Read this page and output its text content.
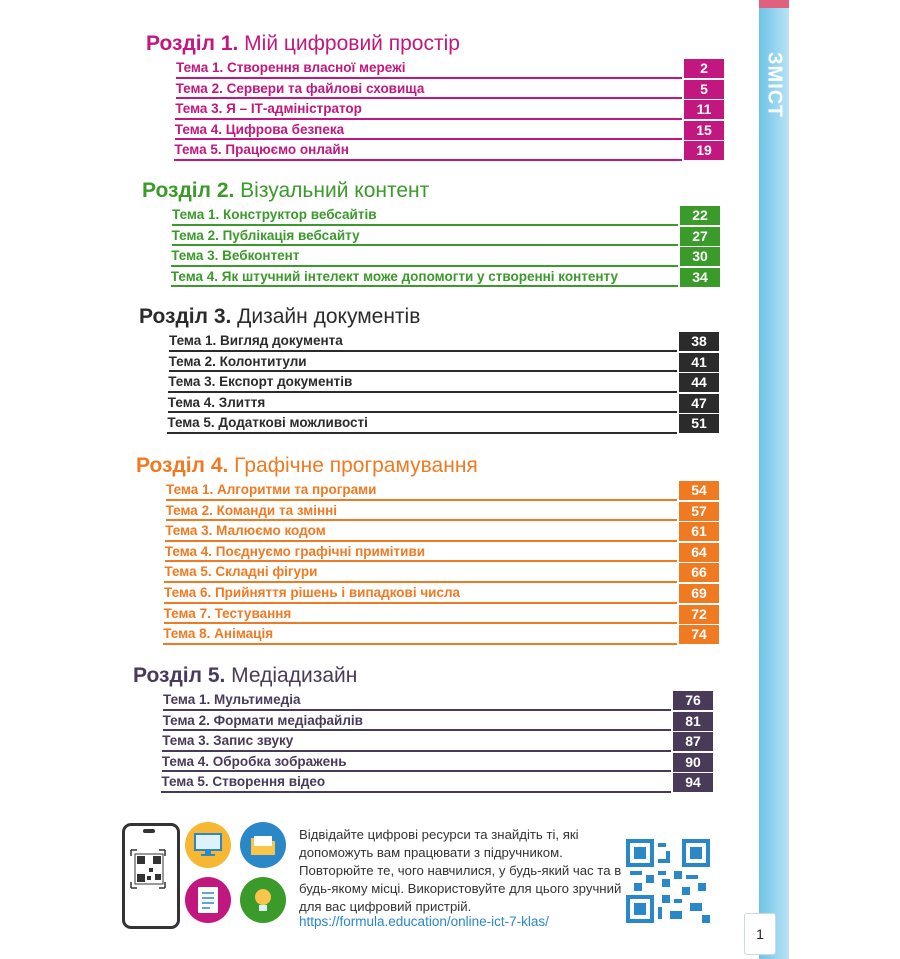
ЗМІСТ
Розділ 1. Мій цифровий простір
Тема 1. Створення власної мережі	2
Тема 2. Сервери та файлові сховища	5
Тема 3. Я – ІТ-адміністратор	11
Тема 4. Цифрова безпека	15
Тема 5. Працюємо онлайн	19
Розділ 2. Візуальний контент
Тема 1. Конструктор вебсайтів	22
Тема 2. Публікація вебсайту	27
Тема 3. Вебконтент	30
Тема 4. Як штучний інтелект може допомогти у створенні контенту	34
Розділ 3. Дизайн документів
Тема 1. Вигляд документа	38
Тема 2. Колонтитули	41
Тема 3. Експорт документів	44
Тема 4. Злиття	47
Тема 5. Додаткові можливості	51
Розділ 4. Графічне програмування
Тема 1. Алгоритми та програми	54
Тема 2. Команди та змінні	57
Тема 3. Малюємо кодом	61
Тема 4. Поєднуємо графічні примітиви	64
Тема 5. Складні фігури	66
Тема 6. Прийняття рішень і випадкові числа	69
Тема 7. Тестування	72
Тема 8. Анімація	74
Розділ 5. Медіадизайн
Тема 1. Мультимедіа	76
Тема 2. Формати медіафайлів	81
Тема 3. Запис звуку	87
Тема 4. Обробка зображень	90
Тема 5. Створення відео	94
Відвідайте цифрові ресурси та знайдіть ті, які допоможуть вам працювати з підручником. Повторюйте те, чого навчилися, у будь-який час та в будь-якому місці. Використовуйте для цього зручний для вас цифровий пристрій.
https://formula.education/online-ict-7-klas/
1
